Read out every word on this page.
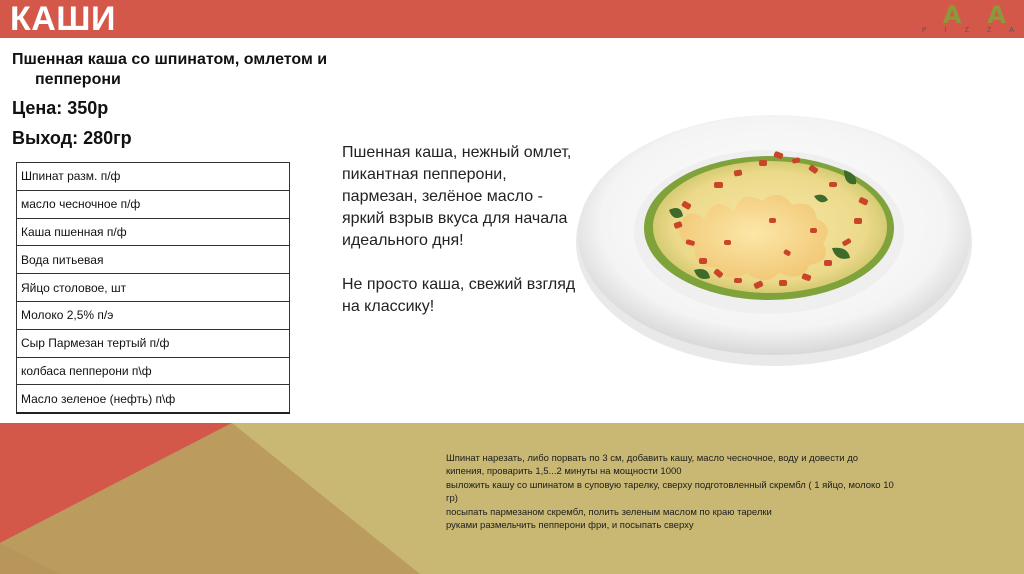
КАШИ	М А М А
P	I	Z	Z	A
Пшенная каша со шпинатом, омлетом и
пепперони
Цена: 350р
Выход: 280гр
Шпинат разм. п/ф
масло чесночное п/ф
Каша пшенная п/ф
Вода питьевая
Яйцо столовое, шт
Молоко 2,5% п/э
Сыр Пармезан тертый п/ф
колбаса пепперони п\ф
Масло зеленое (нефть) п\ф

Пшенная каша, нежный омлет, пикантная пепперони, пармезан, зелёное масло - яркий взрыв вкуса для начала идеального дня!

Не просто каша, свежий взгляд на классику!

Шпинат нарезать, либо порвать по 3 см, добавить кашу, масло чесночное, воду и довести до
кипения, проварить 1,5...2 минуты на мощности 1000
выложить кашу со шпинатом в суповую тарелку, сверху подготовленный скрембл ( 1 яйцо, молоко 10
гр)
посыпать пармезаном скрембл, полить зеленым маслом по краю тарелки
руками размельчить пепперони фри, и посыпать сверху
